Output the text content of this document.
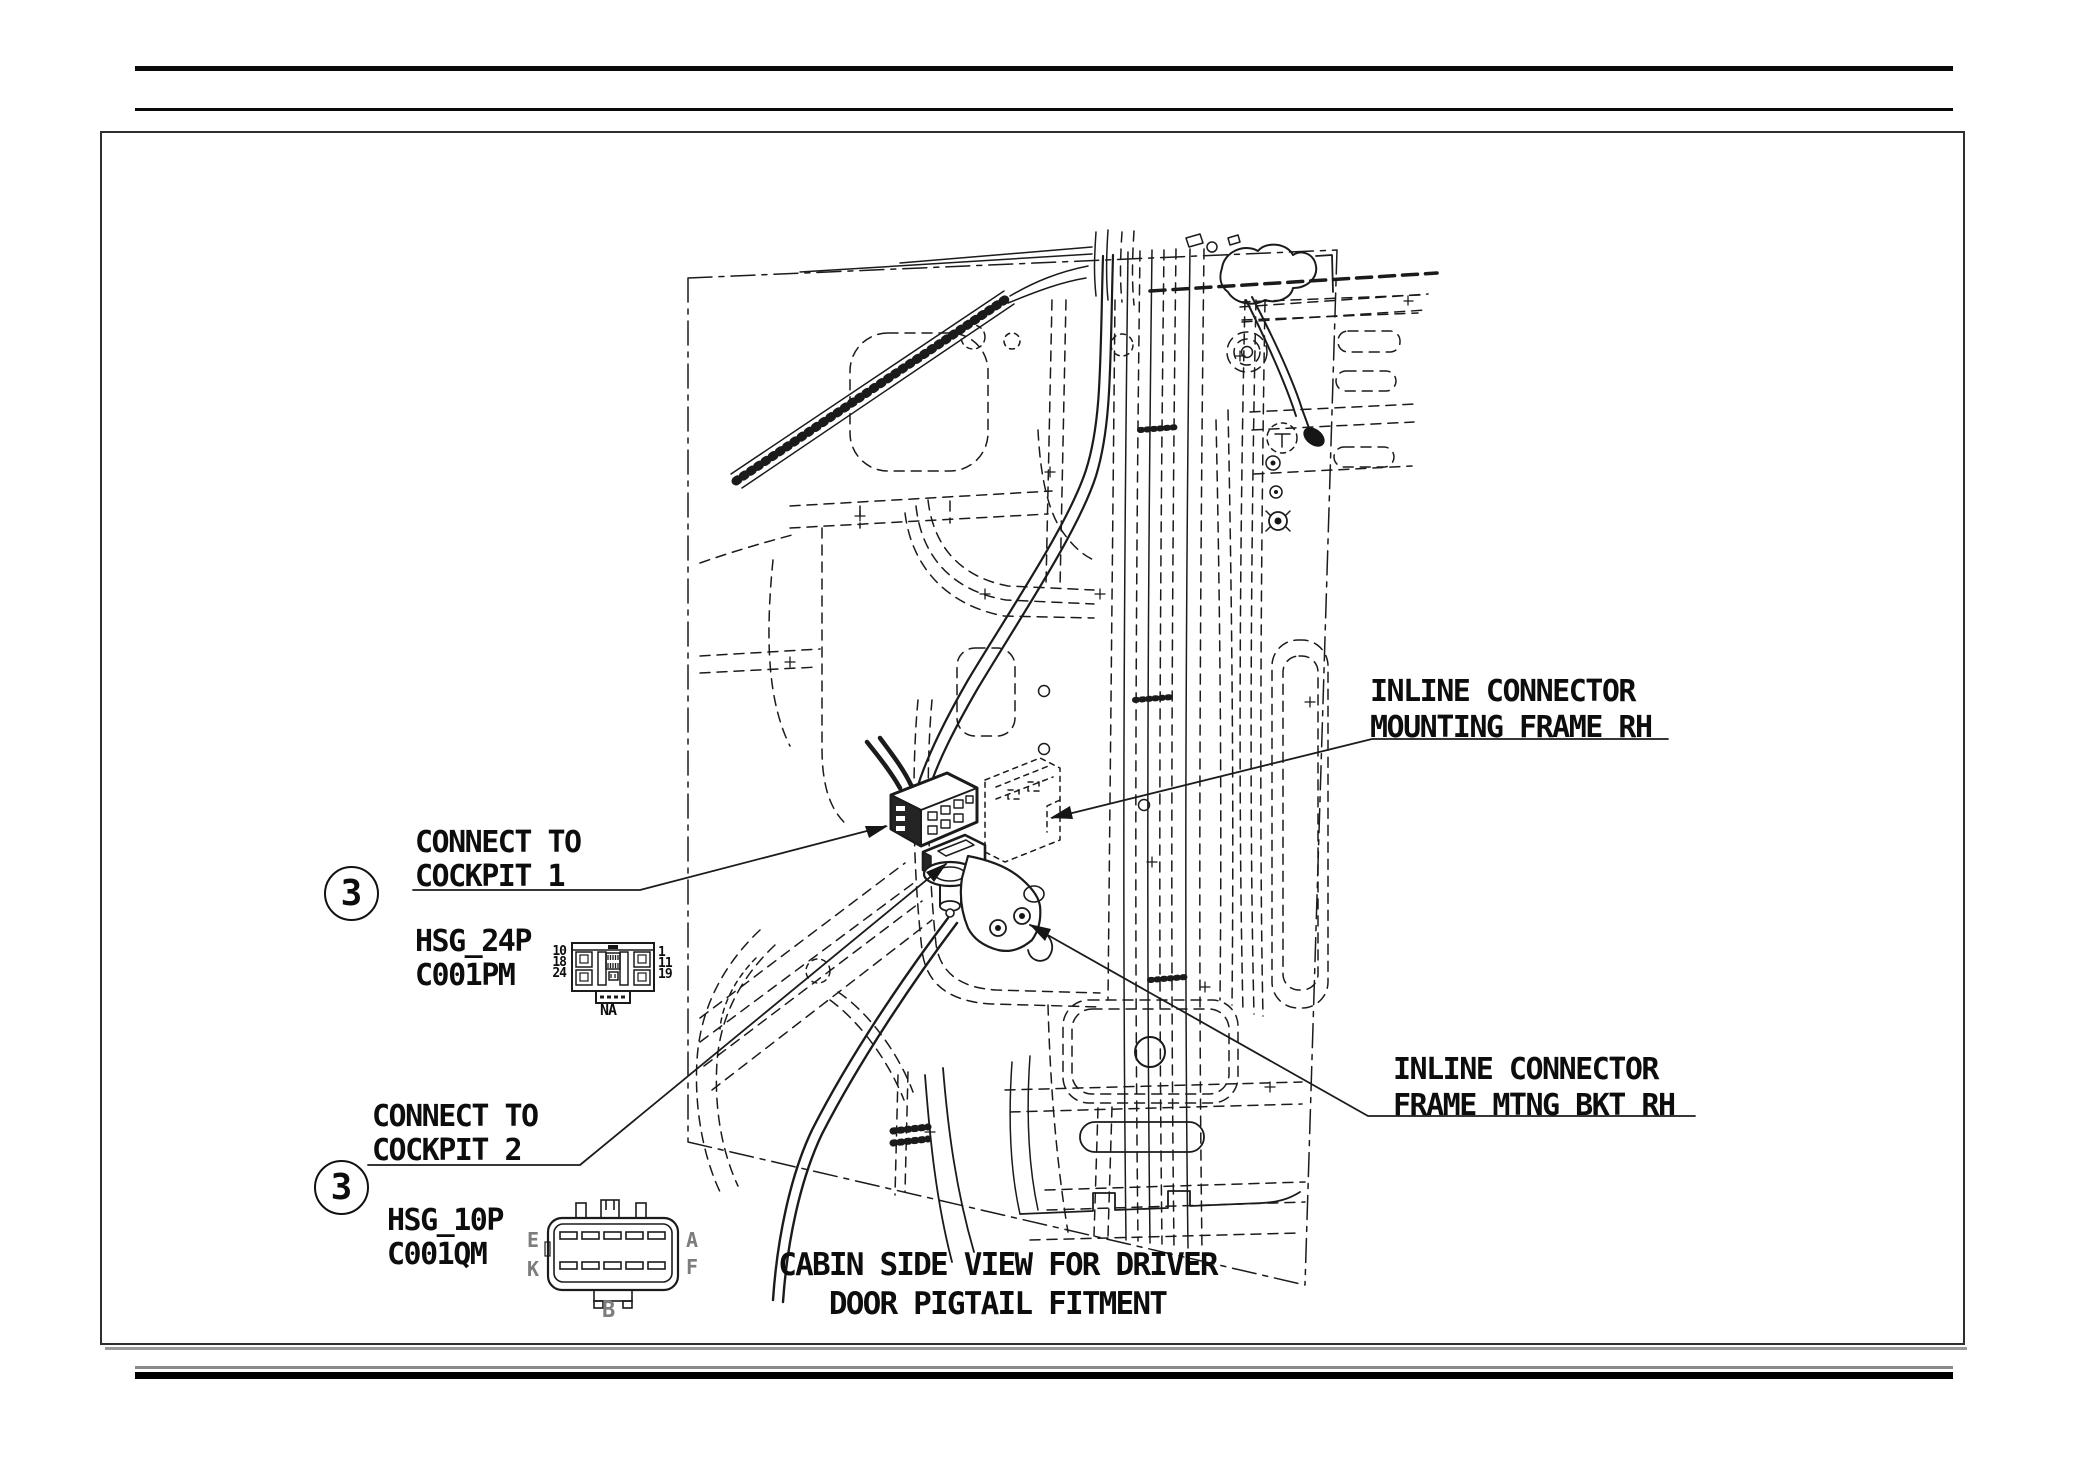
3
CONNECT TO
COCKPIT 1
HSG_24P
C001PM
10
18
24
1
11
19
NA
3
CONNECT TO
COCKPIT 2
HSG_10P
C001QM	E
K
A
F
B
INLINE CONNECTOR
MOUNTING FRAME RH
INLINE CONNECTOR
FRAME MTNG BKT RH
CABIN SIDE VIEW FOR DRIVER
DOOR PIGTAIL FITMENT
